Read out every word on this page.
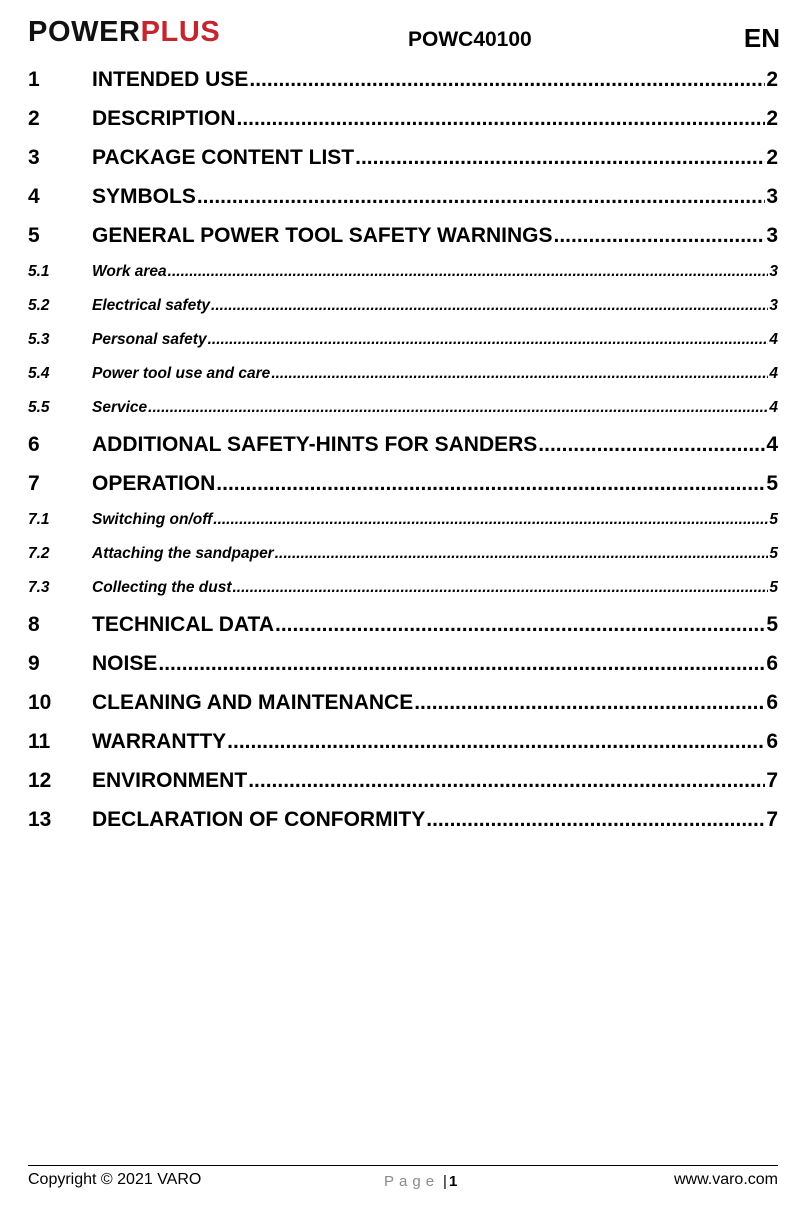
POWERPLUS	POWC40100	EN
1	INTENDED USE .....	2
2	DESCRIPTION .....	2
3	PACKAGE CONTENT LIST .....	2
4	SYMBOLS .....	3
5	GENERAL POWER TOOL SAFETY WARNINGS .....	3
5.1	Work area .....	3
5.2	Electrical safety .....	3
5.3	Personal safety .....	4
5.4	Power tool use and care .....	4
5.5	Service .....	4
6	ADDITIONAL SAFETY-HINTS FOR SANDERS .....	4
7	OPERATION .....	5
7.1	Switching on/off .....	5
7.2	Attaching the sandpaper .....	5
7.3	Collecting the dust .....	5
8	TECHNICAL DATA .....	5
9	NOISE .....	6
10	CLEANING AND MAINTENANCE .....	6
11	WARRANTTY .....	6
12	ENVIRONMENT .....	7
13	DECLARATION OF CONFORMITY .....	7
Copyright © 2021 VARO	Page | 1	www.varo.com
